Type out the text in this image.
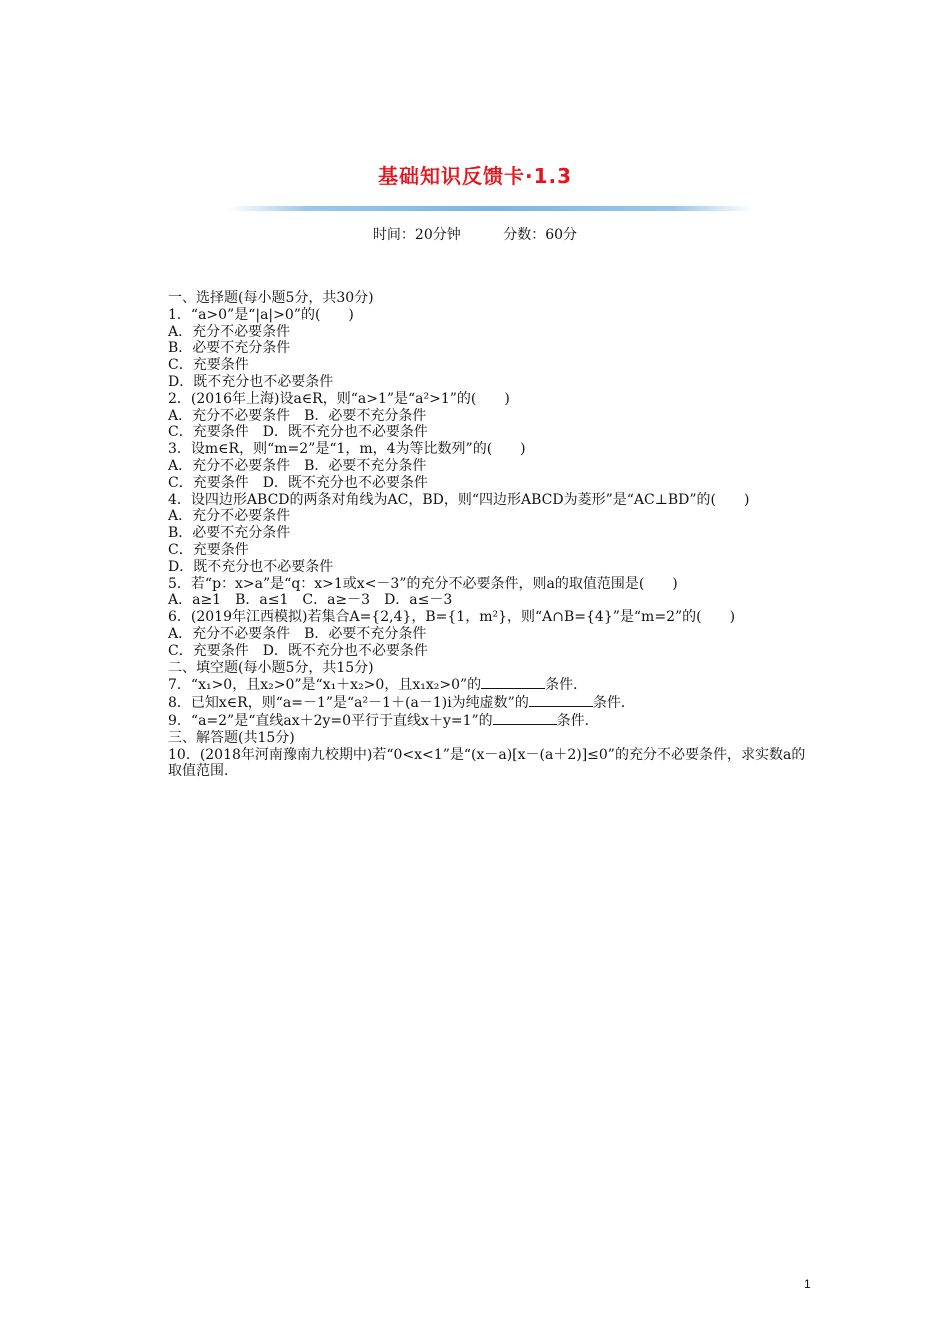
基础知识反馈卡·1.3
时间：20分钟	分数：60分
一、选择题(每小题5分，共30分)
1．“a>0”是“|a|>0”的(　　)
A．充分不必要条件
B．必要不充分条件
C．充要条件
D．既不充分也不必要条件
2．(2016年上海)设a∈R，则“a>1”是“a²>1”的(　　)
A．充分不必要条件　B．必要不充分条件
C．充要条件　D．既不充分也不必要条件
3．设m∈R，则“m=2”是“1，m，4为等比数列”的(　　)
A．充分不必要条件　B．必要不充分条件
C．充要条件　D．既不充分也不必要条件
4．设四边形ABCD的两条对角线为AC，BD，则“四边形ABCD为菱形”是“AC⊥BD”的(　　)
A．充分不必要条件
B．必要不充分条件
C．充要条件
D．既不充分也不必要条件
5．若“p：x>a”是“q：x>1或x<－3”的充分不必要条件，则a的取值范围是(　　)
A．a≥1　B．a≤1　C．a≥－3　D．a≤－3
6．(2019年江西模拟)若集合A={2,4}，B={1，m²}，则“A∩B={4}”是“m=2”的(　　)
A．充分不必要条件　B．必要不充分条件
C．充要条件　D．既不充分也不必要条件
二、填空题(每小题5分，共15分)
7．“x₁>0，且x₂>0”是“x₁＋x₂>0，且x₁x₂>0”的	条件．
8．已知x∈R，则“a=－1”是“a²－1＋(a－1)i为纯虚数”的	条件．
9．“a=2”是“直线ax＋2y=0平行于直线x＋y=1”的	条件．
三、解答题(共15分)
10．(2018年河南豫南九校期中)若“0<x<1”是“(x－a)[x－(a＋2)]≤0”的充分不必要条件，求实数a的取值范围．
1
